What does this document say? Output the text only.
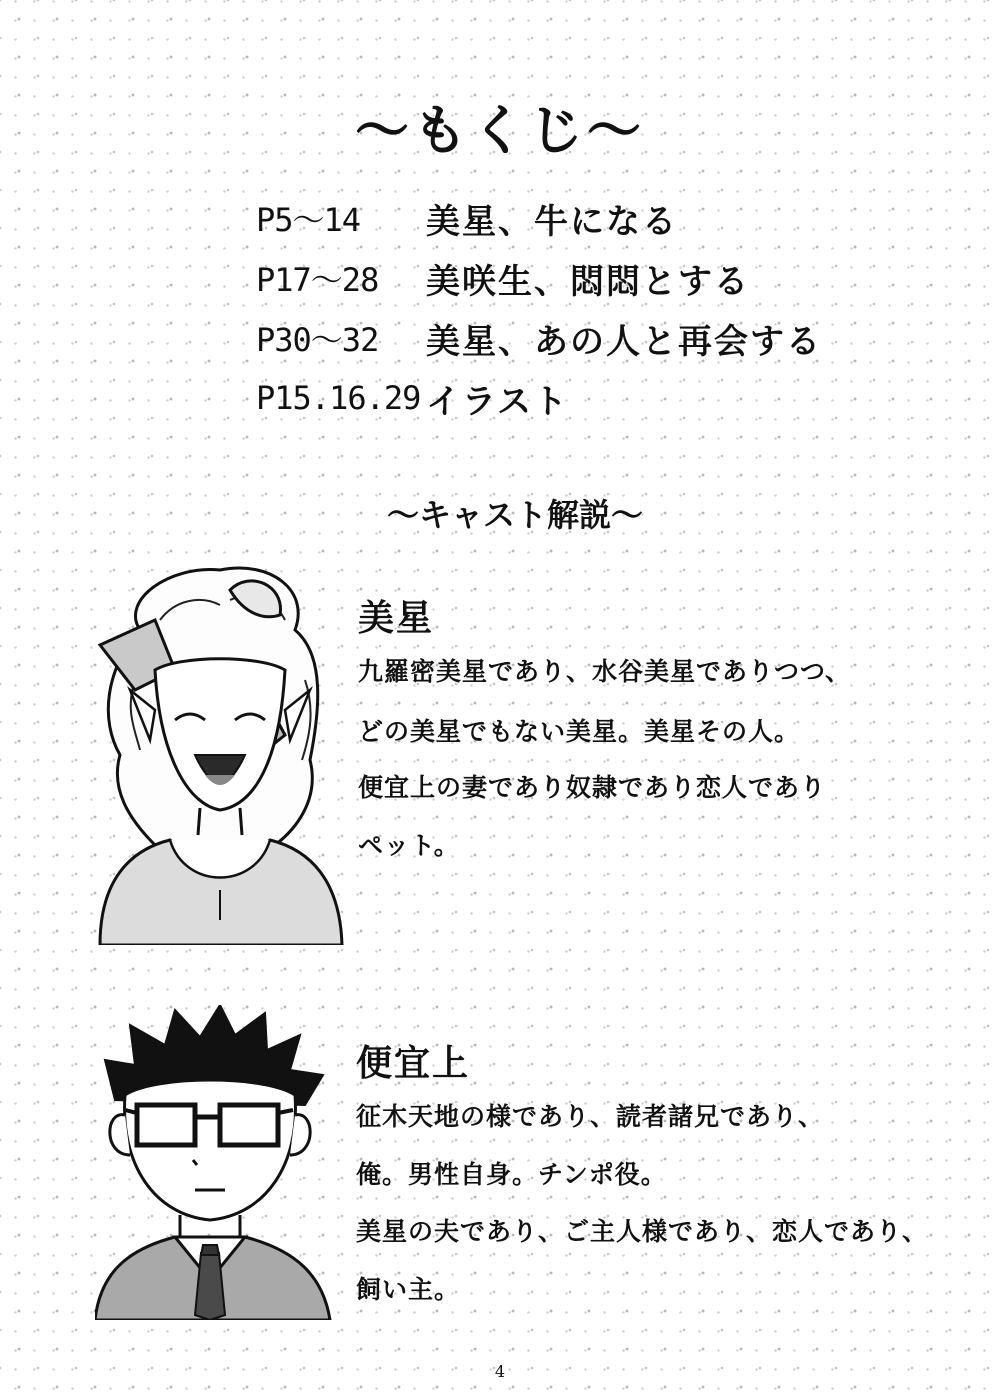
～もくじ～
P5～14	美星、牛になる
P17～28	美咲生、悶悶とする
P30～32	美星、あの人と再会する
P15.16.29 イラスト
～キャスト解説～
美星
九羅密美星であり、水谷美星でありつつ、
どの美星でもない美星。美星その人。
便宜上の妻であり奴隷であり恋人であり
ペット。
便宜上
征木天地の様であり、読者諸兄であり、
俺。男性自身。チンポ役。
美星の夫であり、ご主人様であり、恋人であり、
飼い主。
4
